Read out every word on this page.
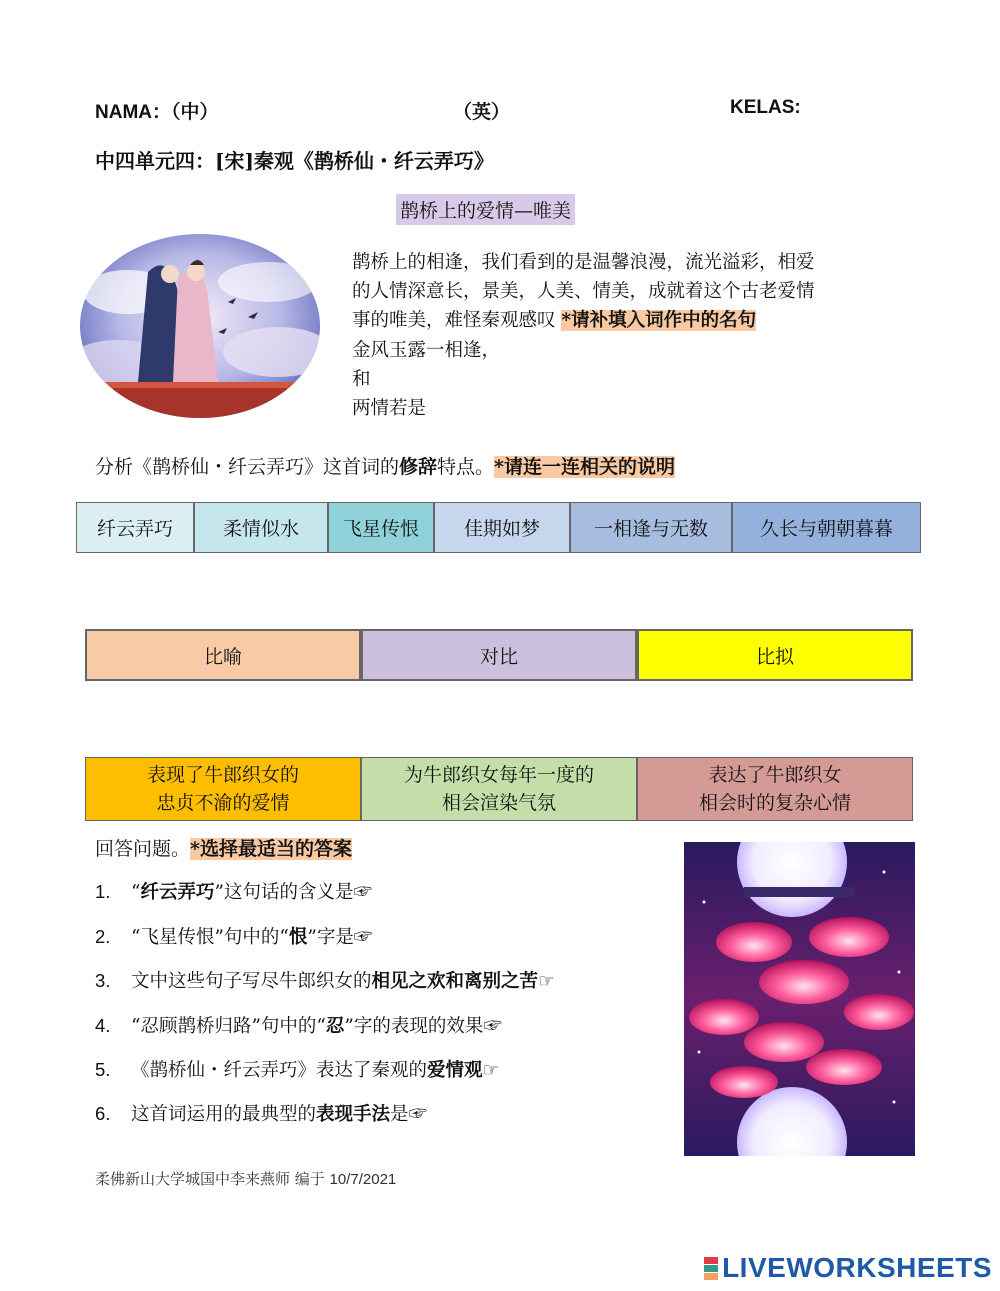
NAMA：（中）	（英）	KELAS:
中四单元四：[宋]秦观《鹊桥仙・纤云弄巧》
鹊桥上的爱情—唯美
鹊桥上的相逢，我们看到的是温馨浪漫，流光溢彩，相爱
的人情深意长，景美，人美、情美，成就着这个古老爱情
事的唯美，难怪秦观感叹 *请补填入词作中的名句
金风玉露一相逢，
和
两情若是
分析《鹊桥仙・纤云弄巧》这首词的修辞特点。*请连一连相关的说明
纤云弄巧	柔情似水	飞星传恨	佳期如梦	一相逢与无数	久长与朝朝暮暮
比喻	对比	比拟
表现了牛郎织女的
忠贞不渝的爱情
为牛郎织女每年一度的
相会渲染气氛
表达了牛郎织女
相会时的复杂心情
回答问题。*选择最适当的答案
1. “纤云弄巧”这句话的含义是☞
2. “飞星传恨”句中的“恨”字是☞
3. 文中这些句子写尽牛郎织女的相见之欢和离别之苦☞
4. “忍顾鹊桥归路”句中的“忍”字的表现的效果☞
5. 《鹊桥仙・纤云弄巧》表达了秦观的爱情观☞
6. 这首词运用的最典型的表现手法是☞
柔佛新山大学城国中李来燕师 编于 10/7/2021
LIVEWORKSHEETS
